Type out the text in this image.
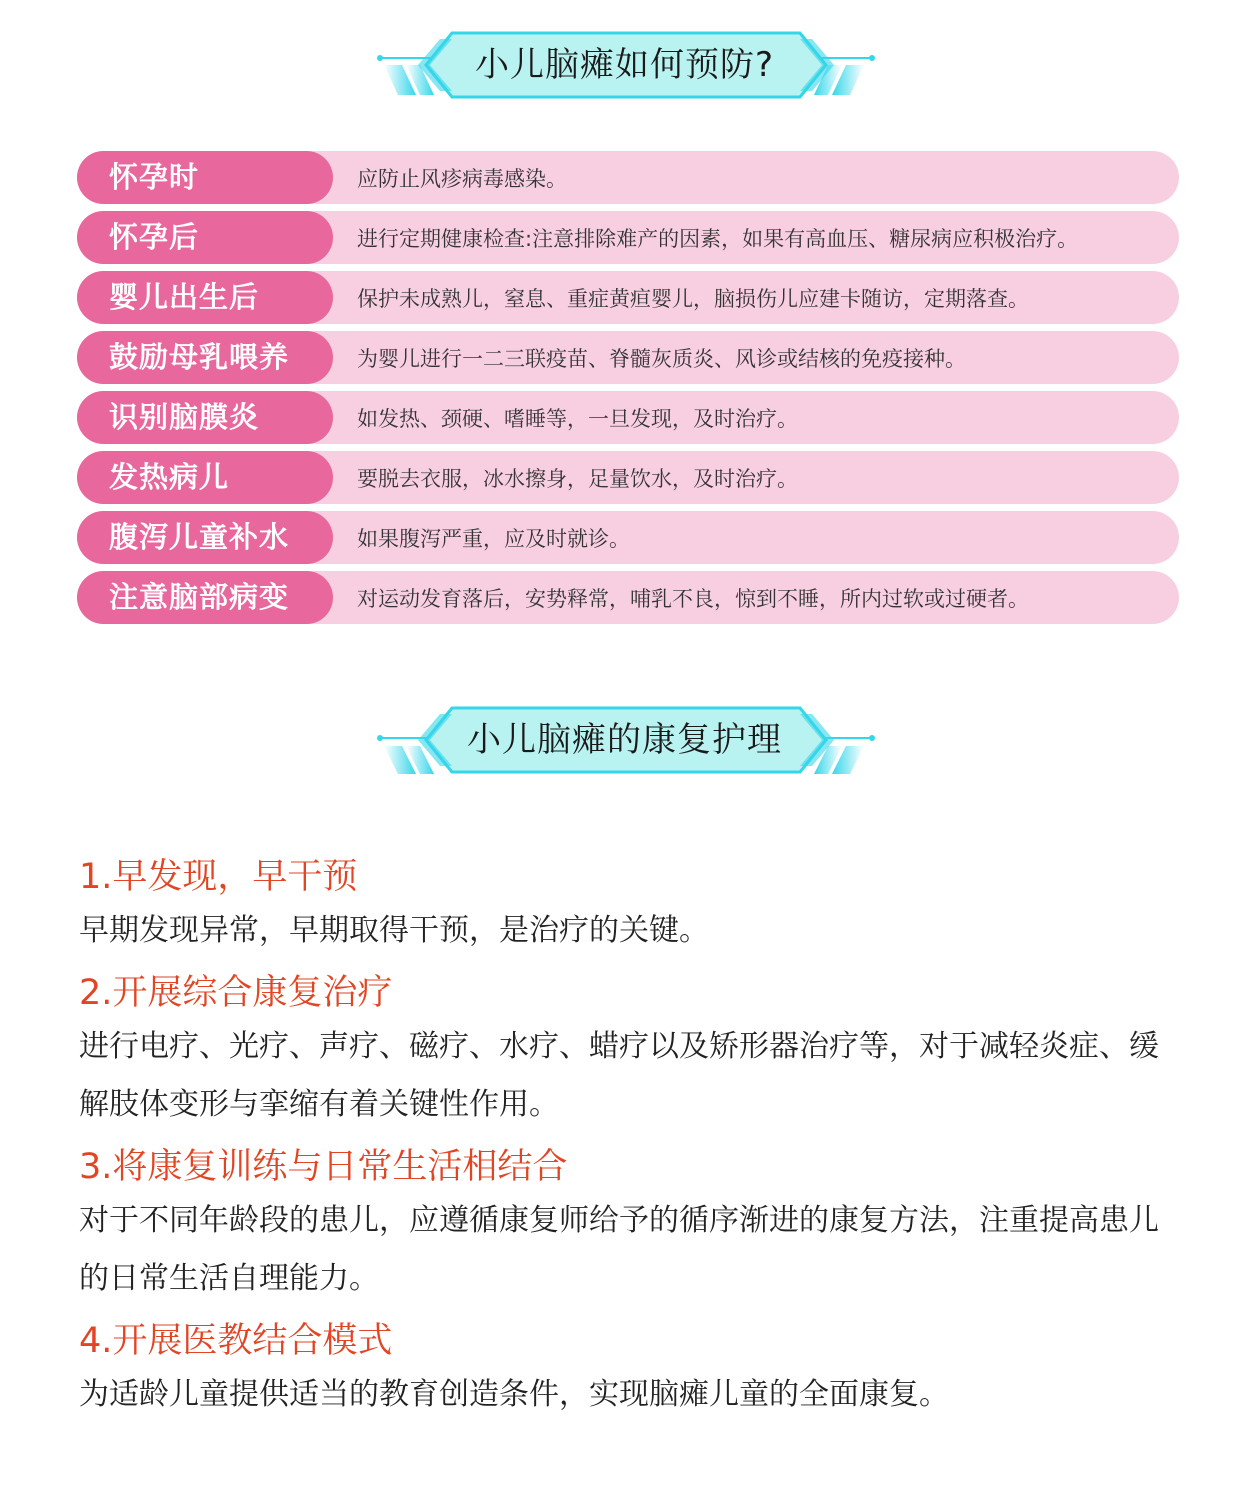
小儿脑瘫如何预防?
怀孕时	应防止风疹病毒感染。
怀孕后	进行定期健康检查:注意排除难产的因素，如果有高血压、糖尿病应积极治疗。
婴儿出生后	保护未成熟儿，窒息、重症黄疸婴儿，脑损伤儿应建卡随访，定期落查。
鼓励母乳喂养	为婴儿进行一二三联疫苗、脊髓灰质炎、风诊或结核的免疫接种。
识别脑膜炎	如发热、颈硬、嗜睡等，一旦发现，及时治疗。
发热病儿	要脱去衣服，冰水擦身，足量饮水，及时治疗。
腹泻儿童补水	如果腹泻严重，应及时就诊。
注意脑部病变	对运动发育落后，安势释常，哺乳不良，惊到不睡，所内过软或过硬者。
小儿脑瘫的康复护理
1.早发现，早干预
早期发现异常，早期取得干预，是治疗的关键。
2.开展综合康复治疗
进行电疗、光疗、声疗、磁疗、水疗、蜡疗以及矫形器治疗等，对于减轻炎症、缓解肢体变形与挛缩有着关键性作用。
3.将康复训练与日常生活相结合
对于不同年龄段的患儿，应遵循康复师给予的循序渐进的康复方法，注重提高患儿的日常生活自理能力。
4.开展医教结合模式
为适龄儿童提供适当的教育创造条件，实现脑瘫儿童的全面康复。
